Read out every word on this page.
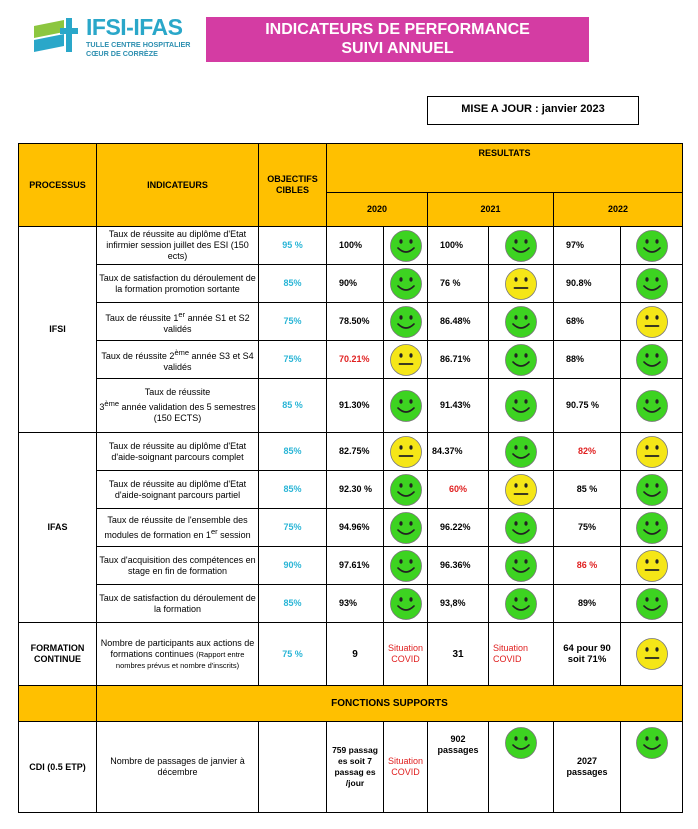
IFSI-IFAS
TULLE CENTRE HOSPITALIER
CŒUR DE CORRÈZE
INDICATEURS DE PERFORMANCE
SUIVI ANNUEL
MISE A JOUR : janvier 2023
PROCESSUS	INDICATEURS	OBJECTIFS
CIBLES	RESULTATS					
			2020		2021		2022	
IFSI	Taux de réussite au diplôme d'Etat infirmier session juillet des ESI (150 ects)	95 %	100%		100%		97%	

	Taux de satisfaction du déroulement de la formation promotion sortante	85%	90%		76 %		90.8%	

	Taux de réussite 1er année S1 et S2 validés	75%	78.50%		86.48%		68%	

	Taux de réussite 2ème année S3 et S4 validés	75%	70.21%		86.71%		88%	

	Taux de réussite
3ème année validation des 5 semestres (150 ECTS)	85 %	91.30%		91.43%		90.75 %	

IFAS	Taux de réussite au diplôme d'Etat d'aide-soignant parcours complet	85%	82.75%		84.37%		82%	

	Taux de réussite au diplôme d'Etat d'aide-soignant parcours partiel	85%	92.30 %		60%		85 %	

	Taux de réussite de l'ensemble des modules de formation en 1er session	75%	94.96%		96.22%		75%	

	Taux d'acquisition des compétences en stage en fin de formation	90%	97.61%		96.36%		86 %	

	Taux de satisfaction du déroulement de la formation	85%	93%		93,8%		89%	

FORMATION
CONTINUE	Nombre de participants aux actions de formations continues (Rapport entre nombres prévus et nombre d'inscrits)	75 %	9	Situation COVID	31	Situation COVID	64 pour 90 soit 71%	

	FONCTIONS SUPPORTS							
CDI (0.5 ETP)	Nombre de passages de janvier à décembre		759 passag es soit 7 passag es /jour	Situation COVID	902 passages		2027 passages	
